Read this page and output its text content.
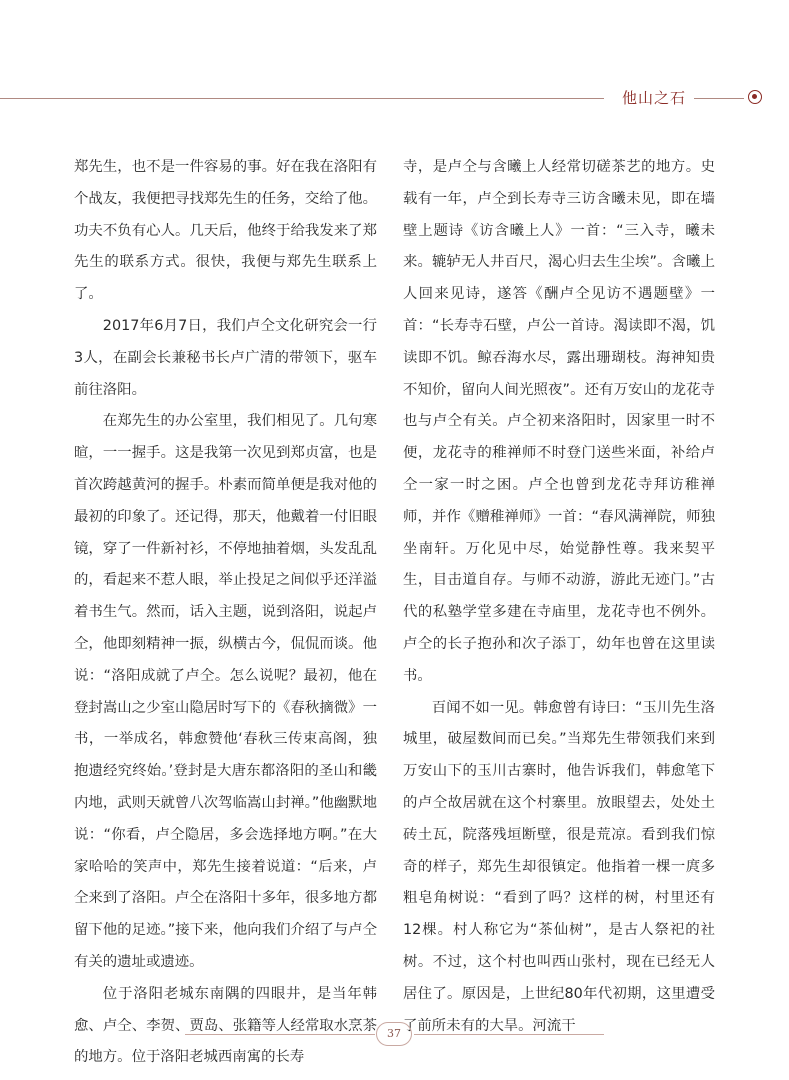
他山之石

郑先生，也不是一件容易的事。好在我在洛阳有个战友，我便把寻找郑先生的任务，交给了他。功夫不负有心人。几天后，他终于给我发来了郑先生的联系方式。很快，我便与郑先生联系上了。

2017年6月7日，我们卢仝文化研究会一行3人，在副会长兼秘书长卢广清的带领下，驱车前往洛阳。

在郑先生的办公室里，我们相见了。几句寒暄，一一握手。这是我第一次见到郑贞富，也是首次跨越黄河的握手。朴素而简单便是我对他的最初的印象了。还记得，那天，他戴着一付旧眼镜，穿了一件新衬衫，不停地抽着烟，头发乱乱的，看起来不惹人眼，举止投足之间似乎还洋溢着书生气。然而，话入主题，说到洛阳，说起卢仝，他即刻精神一振，纵横古今，侃侃而谈。他说：“洛阳成就了卢仝。怎么说呢？最初，他在登封嵩山之少室山隐居时写下的《春秋摘微》一书，一举成名，韩愈赞他‘春秋三传束高阁，独抱遗经究终始。’登封是大唐东都洛阳的圣山和畿内地，武则天就曾八次驾临嵩山封禅。”他幽默地说：“你看，卢仝隐居，多会选择地方啊。”在大家哈哈的笑声中，郑先生接着说道：“后来，卢仝来到了洛阳。卢仝在洛阳十多年，很多地方都留下他的足迹。”接下来，他向我们介绍了与卢仝有关的遗址或遗迹。

位于洛阳老城东南隅的四眼井，是当年韩愈、卢仝、李贺、贾岛、张籍等人经常取水烹茶的地方。位于洛阳老城西南寓的长寿

寺，是卢仝与含曦上人经常切磋茶艺的地方。史载有一年，卢仝到长寿寺三访含曦未见，即在墙壁上题诗《访含曦上人》一首：“三入寺，曦未来。辘轳无人井百尺，渴心归去生尘埃”。含曦上人回来见诗，遂答《酬卢仝见访不遇题壁》一首：“长寿寺石壁，卢公一首诗。渴读即不渴，饥读即不饥。鲸吞海水尽，露出珊瑚枝。海神知贵不知价，留向人间光照夜”。还有万安山的龙花寺也与卢仝有关。卢仝初来洛阳时，因家里一时不便，龙花寺的稚禅师不时登门送些米面，补给卢仝一家一时之困。卢仝也曾到龙花寺拜访稚禅师，并作《赠稚禅师》一首：“春风满禅院，师独坐南轩。万化见中尽，始觉静性尊。我来契平生，目击道自存。与师不动游，游此无迹门。”古代的私塾学堂多建在寺庙里，龙花寺也不例外。卢仝的长子抱孙和次子添丁，幼年也曾在这里读书。

百闻不如一见。韩愈曾有诗曰：“玉川先生洛城里，破屋数间而已矣。”当郑先生带领我们来到万安山下的玉川古寨时，他告诉我们，韩愈笔下的卢仝故居就在这个村寨里。放眼望去，处处土砖土瓦，院落残垣断壁，很是荒凉。看到我们惊奇的样子，郑先生却很镇定。他指着一棵一庹多粗皂角树说：“看到了吗？这样的树，村里还有12棵。村人称它为“茶仙树”，是古人祭祀的社树。不过，这个村也叫西山张村，现在已经无人居住了。原因是，上世纪80年代初期，这里遭受了前所未有的大旱。河流干

37
